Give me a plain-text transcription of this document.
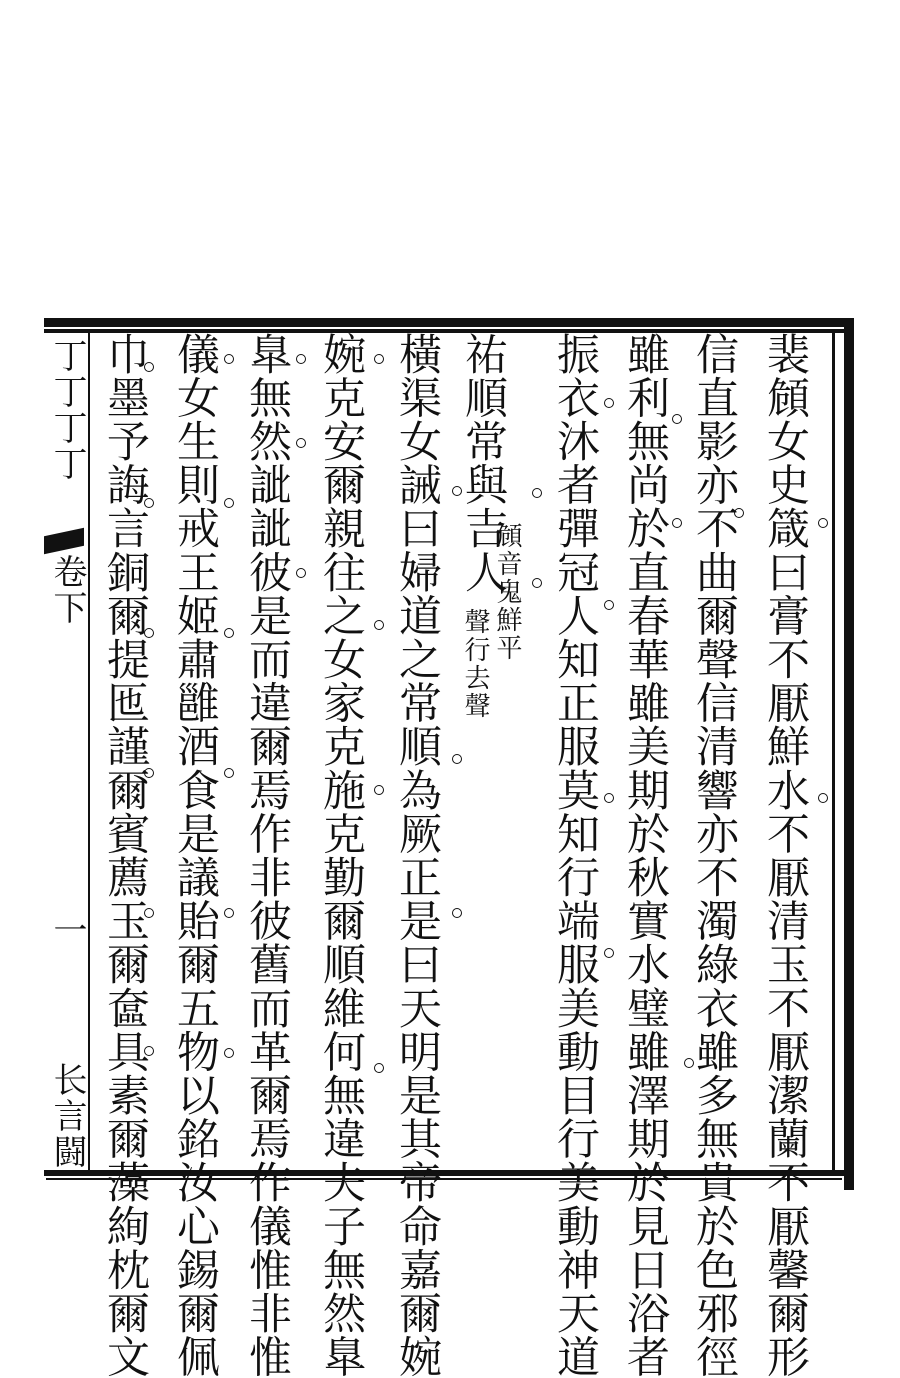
丁丁丁丁
卷下
一
长言闘	裴頠女史箴曰膏不厭鮮水不厭清玉不厭潔蘭不厭馨爾形
信直影亦不曲爾聲信清響亦不濁綠衣雖多無貴於色邪徑
雖利無尚於直春華雖美期於秋實水璧雖澤期於見日浴者
振衣沐者彈冠人知正服莫知行端服美動目行美動神天道
祐順常與吉人
頠音鬼鮮平
聲行去聲
橫渠女誡曰婦道之常順為厥正是曰天明是其帝命嘉爾婉
婉克安爾親往之女家克施克勤爾順維何無違夫子無然臯
臯無然訿訿彼是而違爾焉作非彼舊而革爾焉作儀惟非惟
儀女生則戒王姬肅雝酒食是議貽爾五物以銘汝心錫爾佩
巾墨予誨言銅爾提匜謹爾賓薦玉爾奩具素爾藻絢枕爾文
